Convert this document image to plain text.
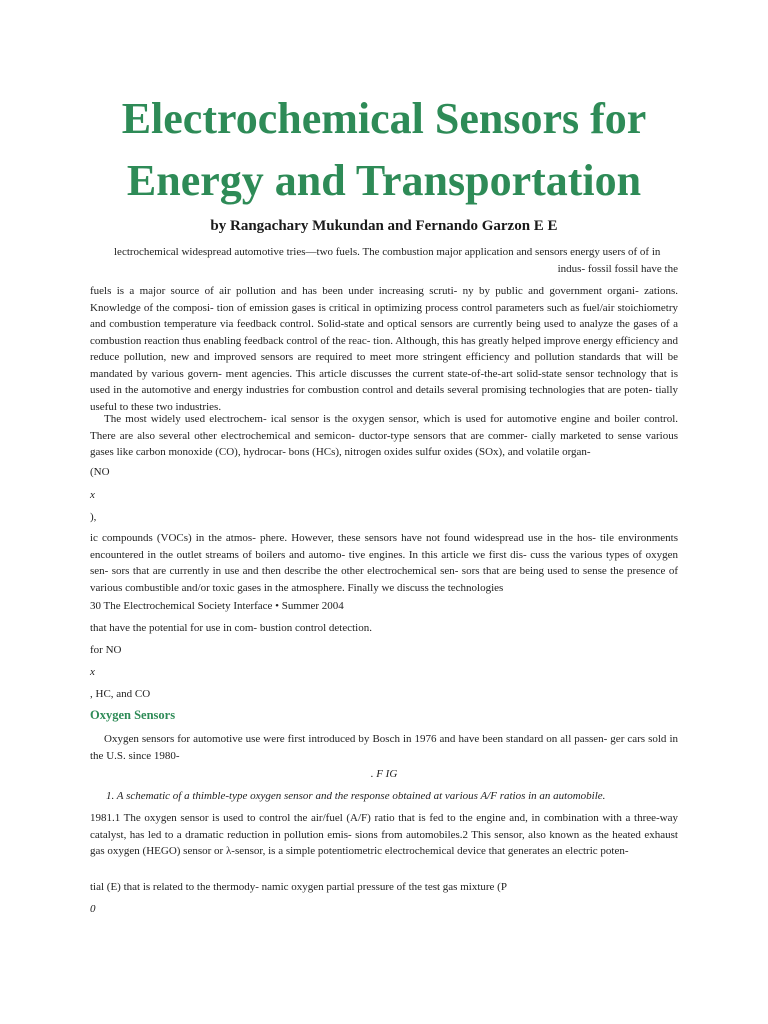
Electrochemical Sensors for Energy and Transportation

by Rangachary Mukundan and Fernando Garzon E E

lectrochemical widespread automotive tries—two fuels. The combustion major application and sensors energy users of of in
indus- fossil fossil have the

fuels is a major source of air pollution and has been under increasing scruti- ny by public and government organi- zations. Knowledge of the composi- tion of emission gases is critical in optimizing process control parameters such as fuel/air stoichiometry and combustion temperature via feedback control. Solid-state and optical sensors are currently being used to analyze the gases of a combustion reaction thus enabling feedback control of the reac- tion. Although, this has greatly helped improve energy efficiency and reduce pollution, new and improved sensors are required to meet more stringent efficiency and pollution standards that will be mandated by various govern- ment agencies. This article discusses the current state-of-the-art solid-state sensor technology that is used in the automotive and energy industries for combustion control and details several promising technologies that are poten- tially useful to these two industries.

The most widely used electrochem- ical sensor is the oxygen sensor, which is used for automotive engine and boiler control. There are also several other electrochemical and semicon- ductor-type sensors that are commer- cially marketed to sense various gases like carbon monoxide (CO), hydrocar- bons (HCs), nitrogen oxides sulfur oxides (SOx), and volatile organ-

(NO

x

),

ic compounds (VOCs) in the atmos- phere. However, these sensors have not found widespread use in the hos- tile environments encountered in the outlet streams of boilers and automo- tive engines. In this article we first dis- cuss the various types of oxygen sen- sors that are currently in use and then describe the other electrochemical sen- sors that are being used to sense the presence of various combustible and/or toxic gases in the atmosphere. Finally we discuss the technologies

30 The Electrochemical Society Interface • Summer 2004

that have the potential for use in com- bustion control detection.

for NO

x

, HC, and CO

Oxygen Sensors

Oxygen sensors for automotive use were first introduced by Bosch in 1976 and have been standard on all passen- ger cars sold in the U.S. since 1980-

. F IG

1. A schematic of a thimble-type oxygen sensor and the response obtained at various A/F ratios in an automobile.

1981.1 The oxygen sensor is used to control the air/fuel (A/F) ratio that is fed to the engine and, in combination with a three-way catalyst, has led to a dramatic reduction in pollution emis- sions from automobiles.2 This sensor, also known as the heated exhaust gas oxygen (HEGO) sensor or λ-sensor, is a simple potentiometric electrochemical device that generates an electric poten-

tial (E) that is related to the thermody- namic oxygen partial pressure of the test gas mixture (P

0
